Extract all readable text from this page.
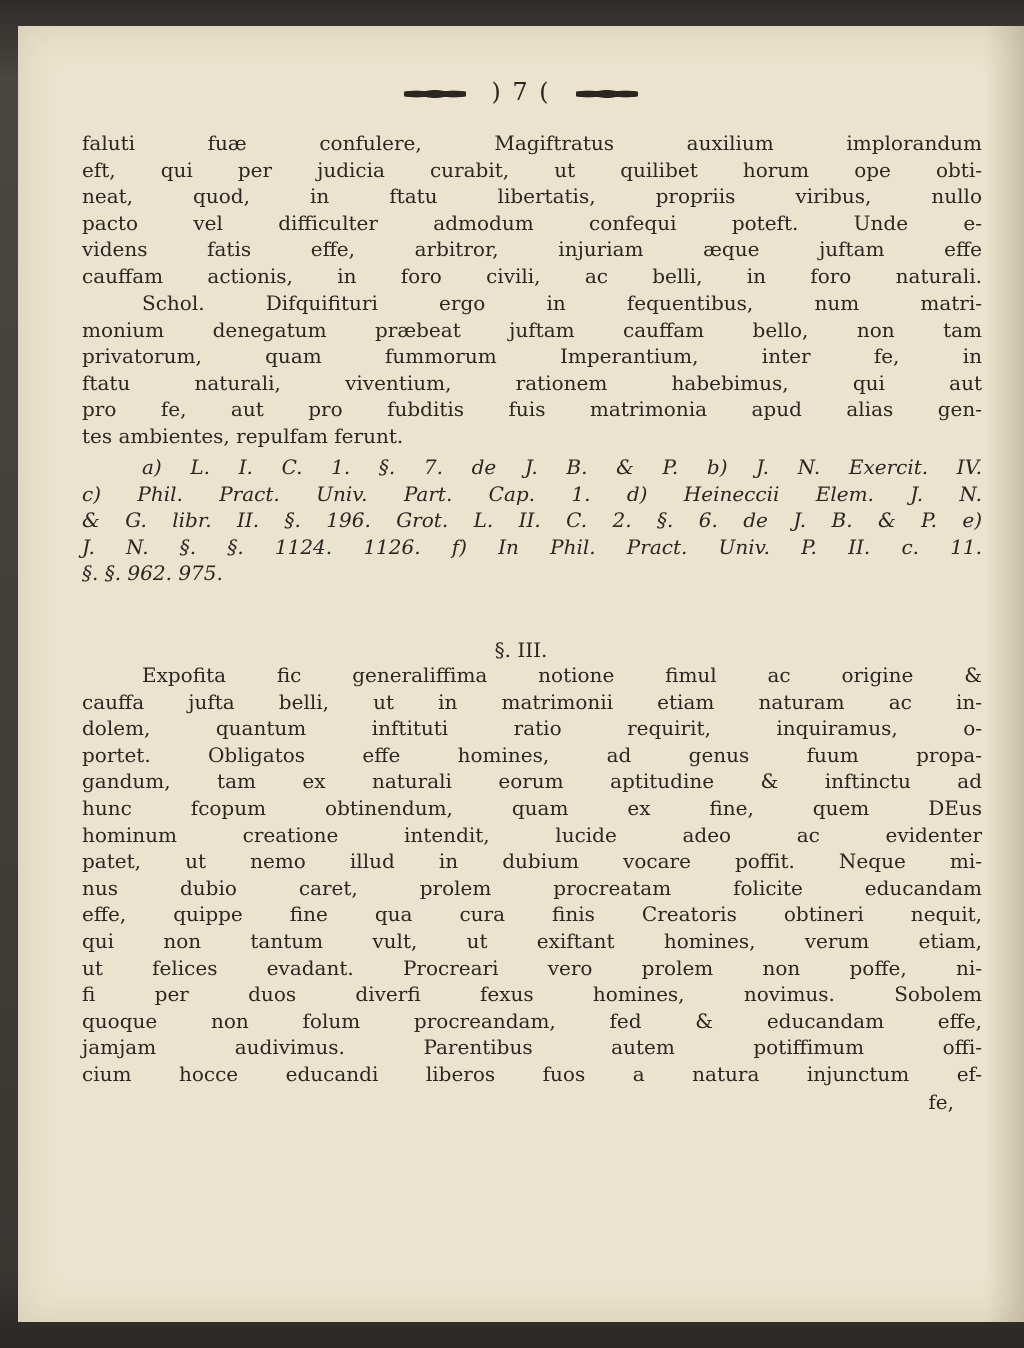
) 7 (
faluti fuæ confulere, Magiftratus auxilium implorandum
eft, qui per judicia curabit, ut quilibet horum ope obti-
neat, quod, in ftatu libertatis, propriis viribus, nullo
pacto vel difficulter admodum confequi poteft. Unde e-
videns fatis effe, arbitror, injuriam æque juftam effe
cauffam actionis, in foro civili, ac belli, in foro naturali.
Schol. Difquifituri ergo in fequentibus, num matri-
monium denegatum præbeat juftam cauffam bello, non tam
privatorum, quam fummorum Imperantium, inter fe, in
ftatu naturali, viventium, rationem habebimus, qui aut
pro fe, aut pro fubditis fuis matrimonia apud alias gen-
tes ambientes, repulfam ferunt.
a) L. I. C. 1. §. 7. de J. B. & P. b) J. N. Exercit. IV.
c) Phil. Pract. Univ. Part. Cap. 1. d) Heineccii Elem. J. N.
& G. libr. II. §. 196. Grot. L. II. C. 2. §. 6. de J. B. & P. e)
J. N. §. §. 1124. 1126. f) In Phil. Pract. Univ. P. II. c. 11.
§. §. 962. 975.
§. III.
Expofita fic generaliffima notione fimul ac origine &
cauffa jufta belli, ut in matrimonii etiam naturam ac in-
dolem, quantum inftituti ratio requirit, inquiramus, o-
portet. Obligatos effe homines, ad genus fuum propa-
gandum, tam ex naturali eorum aptitudine & inftinctu ad
hunc fcopum obtinendum, quam ex fine, quem DEus
hominum creatione intendit, lucide adeo ac evidenter
patet, ut nemo illud in dubium vocare poffit. Neque mi-
nus dubio caret, prolem procreatam folicite educandam
effe, quippe fine qua cura finis Creatoris obtineri nequit,
qui non tantum vult, ut exiftant homines, verum etiam,
ut felices evadant. Procreari vero prolem non poffe, ni-
fi per duos diverfi fexus homines, novimus. Sobolem
quoque non folum procreandam, fed & educandam effe,
jamjam audivimus. Parentibus autem potiffimum offi-
cium hocce educandi liberos fuos a natura injunctum ef-
fe,
